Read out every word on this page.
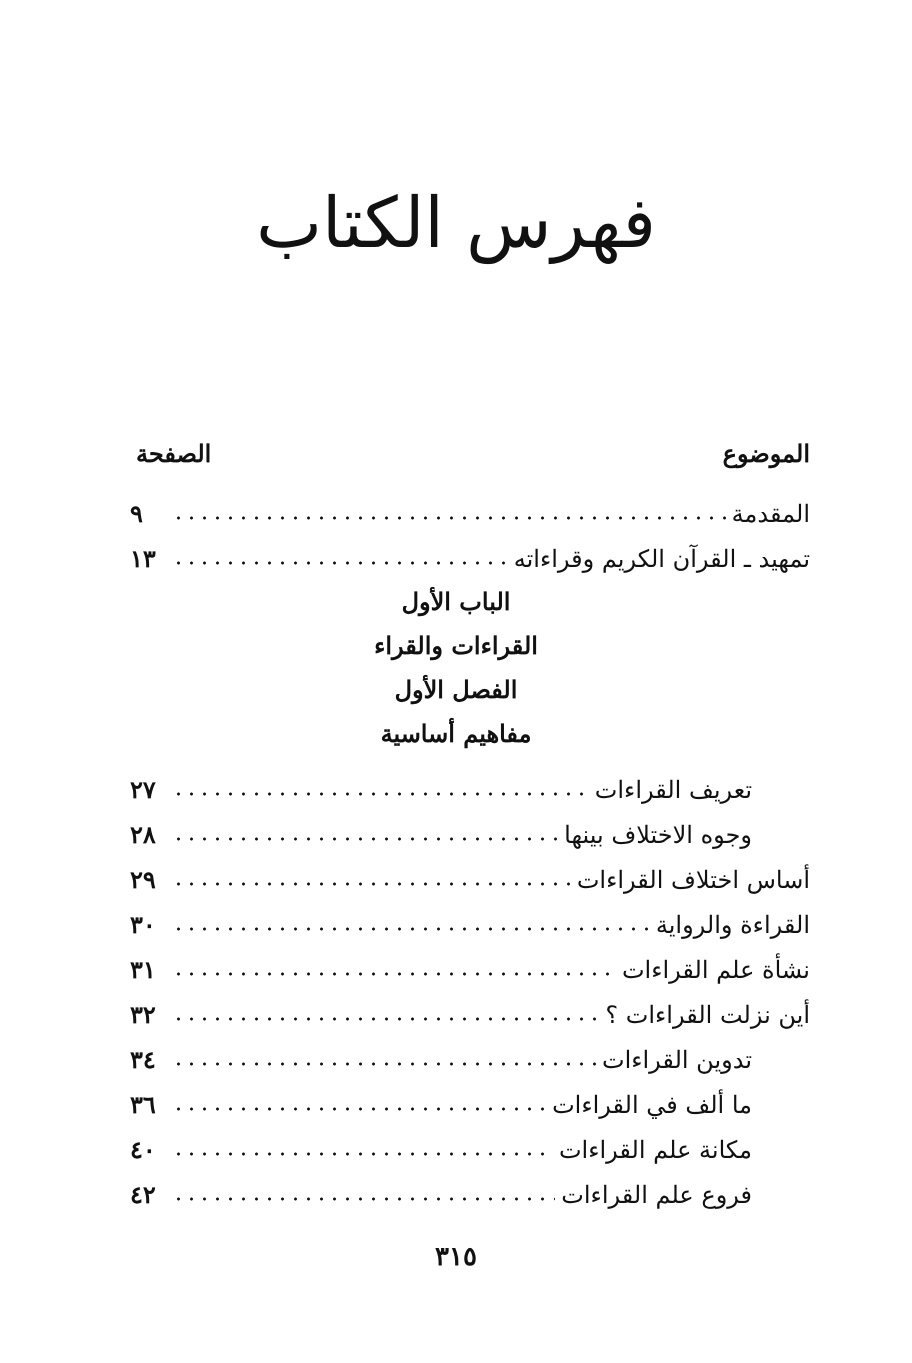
فهرس الكتاب
الموضوع
الصفحة
المقدمة
٩
تمهيد ـ القرآن الكريم وقراءاته
١٣
الباب الأول
القراءات والقراء
الفصل الأول
مفاهيم أساسية
تعريف القراءات
٢٧
وجوه الاختلاف بينها
٢٨
أساس اختلاف القراءات
٢٩
القراءة والرواية
٣٠
نشأة علم القراءات
٣١
أين نزلت القراءات ؟
٣٢
تدوين القراءات
٣٤
ما ألف في القراءات
٣٦
مكانة علم القراءات
٤٠
فروع علم القراءات
٤٢
٣١٥
